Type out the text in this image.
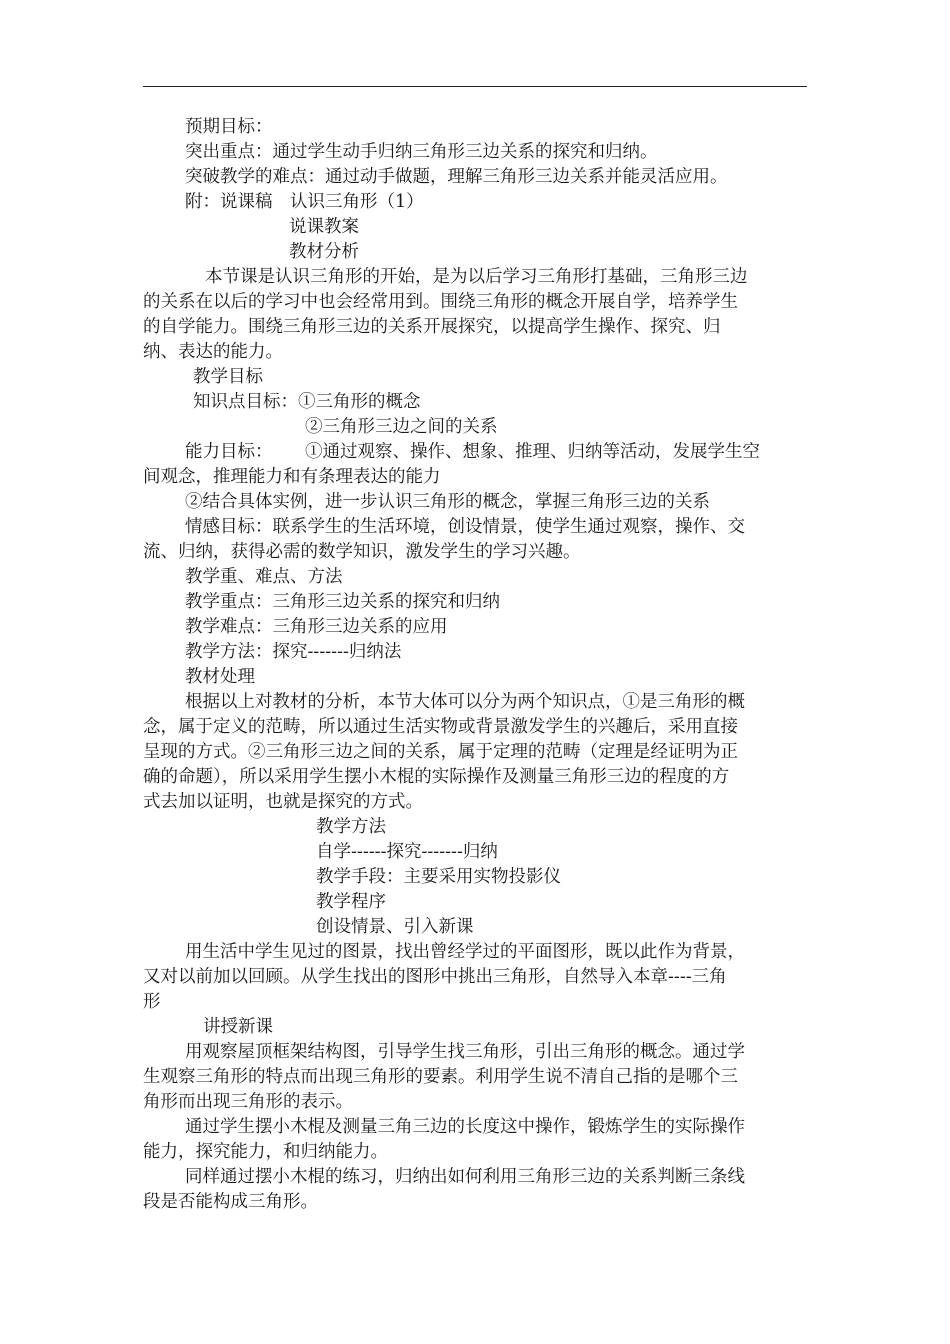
预期目标：
突出重点：通过学生动手归纳三角形三边关系的探究和归纳。
突破教学的难点：通过动手做题，理解三角形三边关系并能灵活应用。
附：说课稿　认识三角形（1）
说课教案
教材分析
本节课是认识三角形的开始，是为以后学习三角形打基础，三角形三边
的关系在以后的学习中也会经常用到。围绕三角形的概念开展自学，培养学生
的自学能力。围绕三角形三边的关系开展探究，以提高学生操作、探究、归
纳、表达的能力。
教学目标
知识点目标：①三角形的概念
②三角形三边之间的关系
能力目标： ①通过观察、操作、想象、推理、归纳等活动，发展学生空
间观念，推理能力和有条理表达的能力
②结合具体实例，进一步认识三角形的概念，掌握三角形三边的关系
情感目标：联系学生的生活环境，创设情景，使学生通过观察，操作、交
流、归纳，获得必需的数学知识，激发学生的学习兴趣。
教学重、难点、方法
教学重点：三角形三边关系的探究和归纳
教学难点：三角形三边关系的应用
教学方法：探究-------归纳法
教材处理
根据以上对教材的分析，本节大体可以分为两个知识点，①是三角形的概
念，属于定义的范畴，所以通过生活实物或背景激发学生的兴趣后，采用直接
呈现的方式。②三角形三边之间的关系，属于定理的范畴（定理是经证明为正
确的命题），所以采用学生摆小木棍的实际操作及测量三角形三边的程度的方
式去加以证明，也就是探究的方式。
教学方法
自学------探究-------归纳
教学手段：主要采用实物投影仪
教学程序
创设情景、引入新课
用生活中学生见过的图景，找出曾经学过的平面图形，既以此作为背景，
又对以前加以回顾。从学生找出的图形中挑出三角形，自然导入本章----三角
形
讲授新课
用观察屋顶框架结构图，引导学生找三角形，引出三角形的概念。通过学
生观察三角形的特点而出现三角形的要素。利用学生说不清自己指的是哪个三
角形而出现三角形的表示。
通过学生摆小木棍及测量三角三边的长度这中操作，锻炼学生的实际操作
能力，探究能力，和归纳能力。
同样通过摆小木棍的练习，归纳出如何利用三角形三边的关系判断三条线
段是否能构成三角形。
